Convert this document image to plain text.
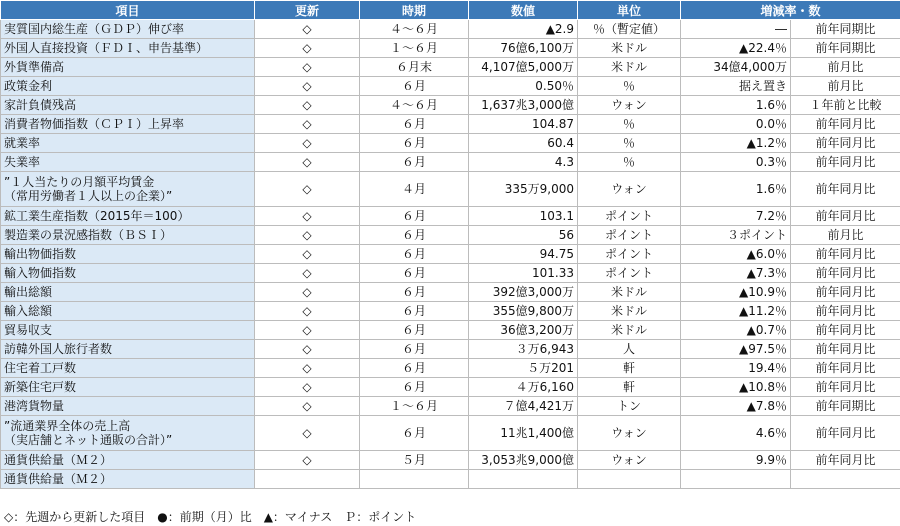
項目	更新	時期	数値	単位	増減率・数	

実質国内総生産（ＧＤＰ）伸び率	◇	４～６月	▲2.9	％（暫定値）	―	前年同期比

外国人直接投資（ＦＤＩ、申告基準）	◇	１～６月	76億6,100万	米ドル	▲22.4％	前年同期比

外貨準備高	◇	６月末	4,107億5,000万	米ドル	34億4,000万	前月比

政策金利	◇	６月	0.50％	％	据え置き	前月比

家計負債残高	◇	４～６月	1,637兆3,000億	ウォン	1.6％	１年前と比較

消費者物価指数（ＣＰＩ）上昇率	◇	６月	104.87	％	0.0％	前年同月比

就業率	◇	６月	60.4	％	▲1.2％	前年同月比

失業率	◇	６月	4.3	％	0.3％	前年同月比

”１人当たりの月額平均賃金
（常用労働者１人以上の企業）”	◇	４月	335万9,000	ウォン	1.6％	前年同月比

鉱工業生産指数（2015年＝100）	◇	６月	103.1	ポイント	7.2％	前年同月比

製造業の景況感指数（ＢＳＩ）	◇	６月	56	ポイント	３ポイント	前月比

輸出物価指数	◇	６月	94.75	ポイント	▲6.0％	前年同月比

輸入物価指数	◇	６月	101.33	ポイント	▲7.3％	前年同月比

輸出総額	◇	６月	392億3,000万	米ドル	▲10.9％	前年同月比

輸入総額	◇	６月	355億9,800万	米ドル	▲11.2％	前年同月比

貿易収支	◇	６月	36億3,200万	米ドル	▲0.7％	前年同月比

訪韓外国人旅行者数	◇	６月	３万6,943	人	▲97.5％	前年同月比

住宅着工戸数	◇	６月	５万201	軒	19.4％	前年同月比

新築住宅戸数	◇	６月	４万6,160	軒	▲10.8％	前年同月比

港湾貨物量	◇	１～６月	７億4,421万	トン	▲7.8％	前年同期比

”流通業界全体の売上高
（実店舗とネット通販の合計）”	◇	６月	11兆1,400億	ウォン	4.6％	前年同月比

通貨供給量（Ｍ２）	◇	５月	3,053兆9,000億	ウォン	9.9％	前年同月比

通貨供給量（Ｍ２）						

◇：先週から更新した項目　●：前期（月）比　▲：マイナス　Ｐ：ポイント
